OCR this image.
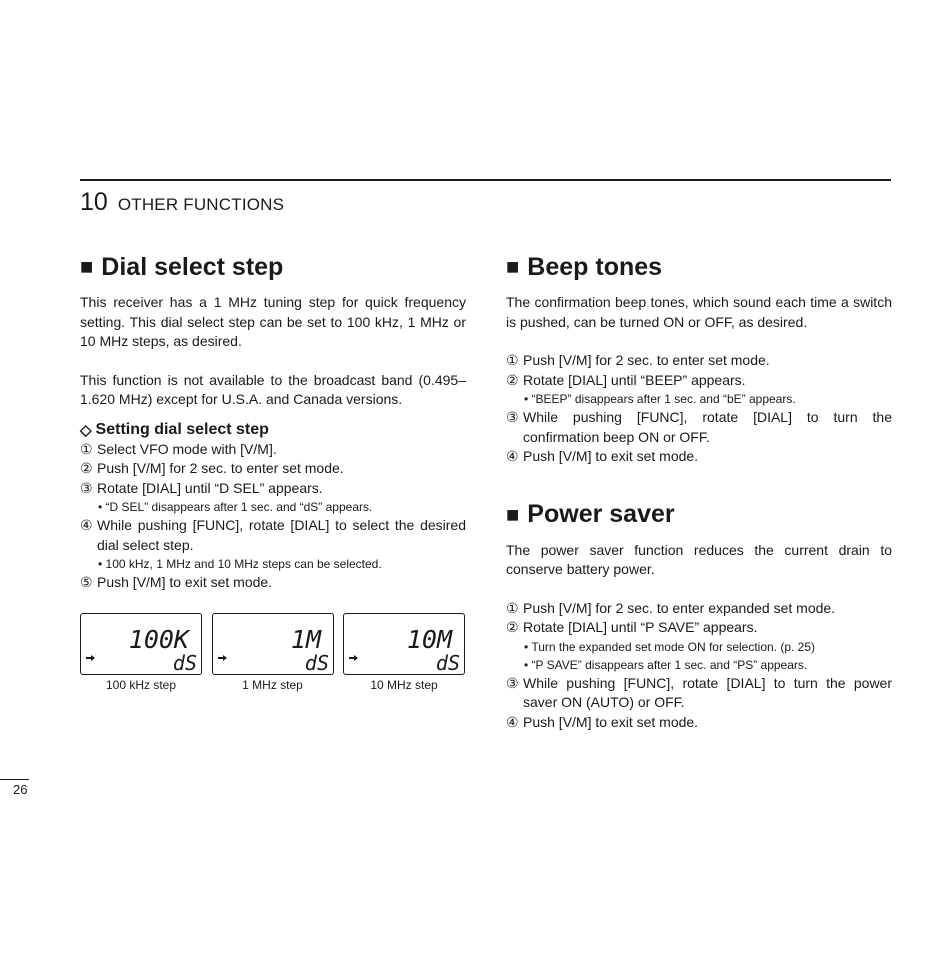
10 OTHER FUNCTIONS
■ Dial select step

This receiver has a 1 MHz tuning step for quick frequency setting. This dial select step can be set to 100 kHz, 1 MHz or 10 MHz steps, as desired.

This function is not available to the broadcast band (0.495–1.620 MHz) except for U.S.A. and Canada versions.

◇ Setting dial select step
① Select VFO mode with [V/M].
② Push [V/M] for 2 sec. to enter set mode.
③ Rotate [DIAL] until “D SEL” appears.
• “D SEL” disappears after 1 sec. and “dS” appears.
④ While pushing [FUNC], rotate [DIAL] to select the desired dial select step.
• 100 kHz, 1 MHz and 10 MHz steps can be selected.
⑤ Push [V/M] to exit set mode.
100K
dS
100 kHz step
1M
dS
1 MHz step
10M
dS
10 MHz step
■ Beep tones

The confirmation beep tones, which sound each time a switch is pushed, can be turned ON or OFF, as desired.

① Push [V/M] for 2 sec. to enter set mode.
② Rotate [DIAL] until “BEEP” appears.
• “BEEP” disappears after 1 sec. and “bE” appears.
③ While pushing [FUNC], rotate [DIAL] to turn the confirmation beep ON or OFF.
④ Push [V/M] to exit set mode.
■ Power saver

The power saver function reduces the current drain to conserve battery power.

① Push [V/M] for 2 sec. to enter expanded set mode.
② Rotate [DIAL] until “P SAVE” appears.
• Turn the expanded set mode ON for selection. (p. 25)
• “P SAVE” disappears after 1 sec. and “PS” appears.
③ While pushing [FUNC], rotate [DIAL] to turn the power saver ON (AUTO) or OFF.
④ Push [V/M] to exit set mode.
26
